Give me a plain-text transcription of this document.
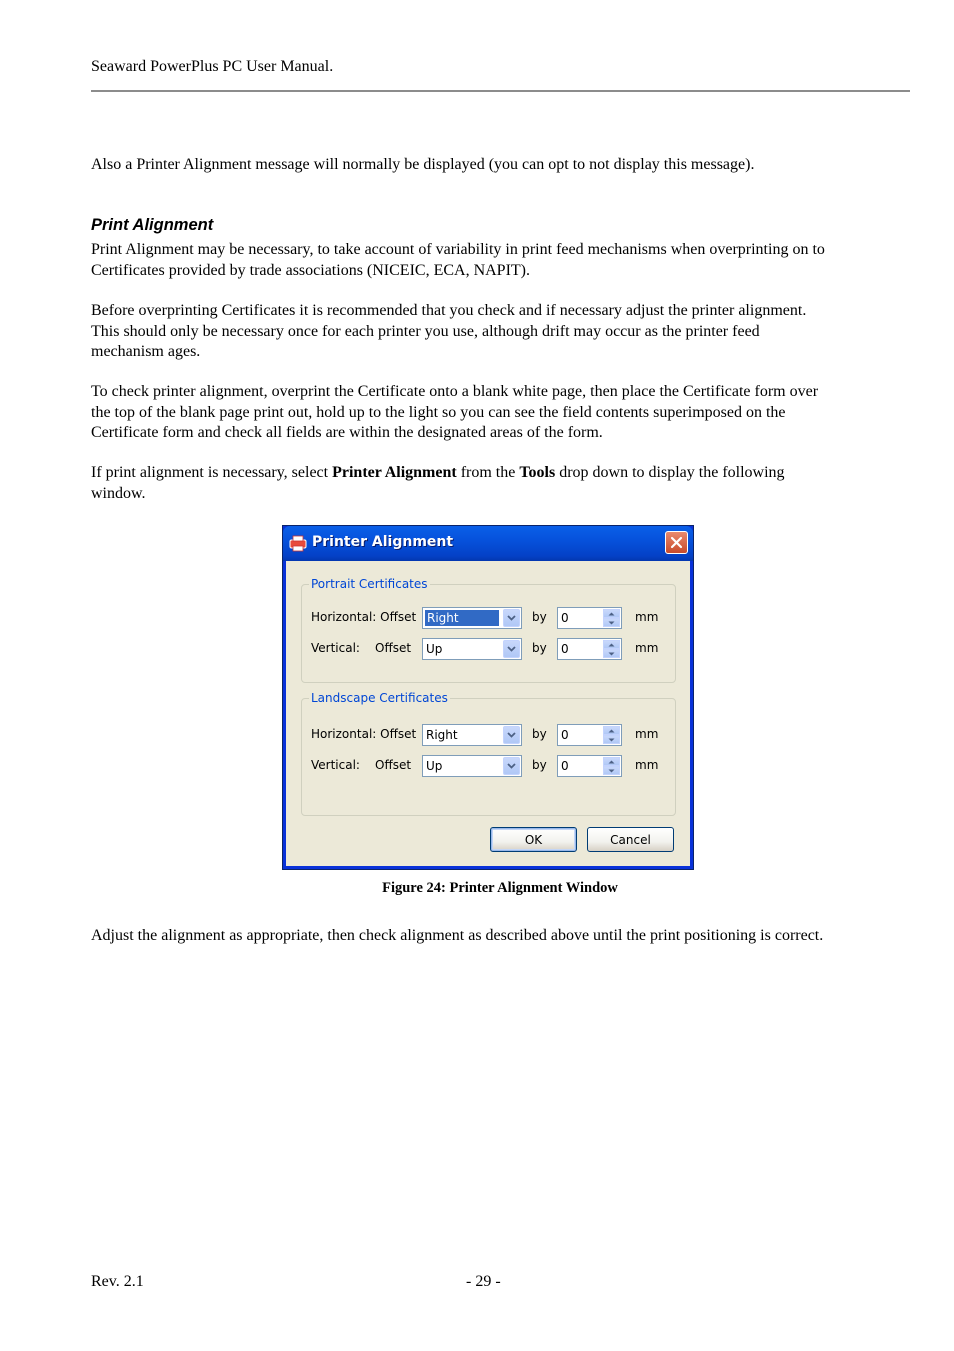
Seaward PowerPlus PC User Manual.
Also a Printer Alignment message will normally be displayed (you can opt to not display this message).
Print Alignment
Print Alignment may be necessary, to take account of variability in print feed mechanisms when overprinting on to
Certificates provided by trade associations (NICEIC, ECA, NAPIT).
Before overprinting Certificates it is recommended that you check and if necessary adjust the printer alignment.
This should only be necessary once for each printer you use, although drift may occur as the printer feed
mechanism ages.
To check printer alignment, overprint the Certificate onto a blank white page, then place the Certificate form over
the top of the blank page print out, hold up to the light so you can see the field contents superimposed on the
Certificate form and check all fields are within the designated areas of the form.
If print alignment is necessary, select Printer Alignment from the Tools drop down to display the following
window.
Printer Alignment
Portrait Certificates
Horizontal: Offset Right	by 0	mm
Vertical: Offset Up	by 0	mm
Landscape Certificates
Horizontal: Offset Right	by 0	mm
Vertical: Offset Up	by 0	mm
OK	Cancel
Figure 24: Printer Alignment Window
Adjust the alignment as appropriate, then check alignment as described above until the print positioning is correct.
Rev. 2.1	- 29 -
